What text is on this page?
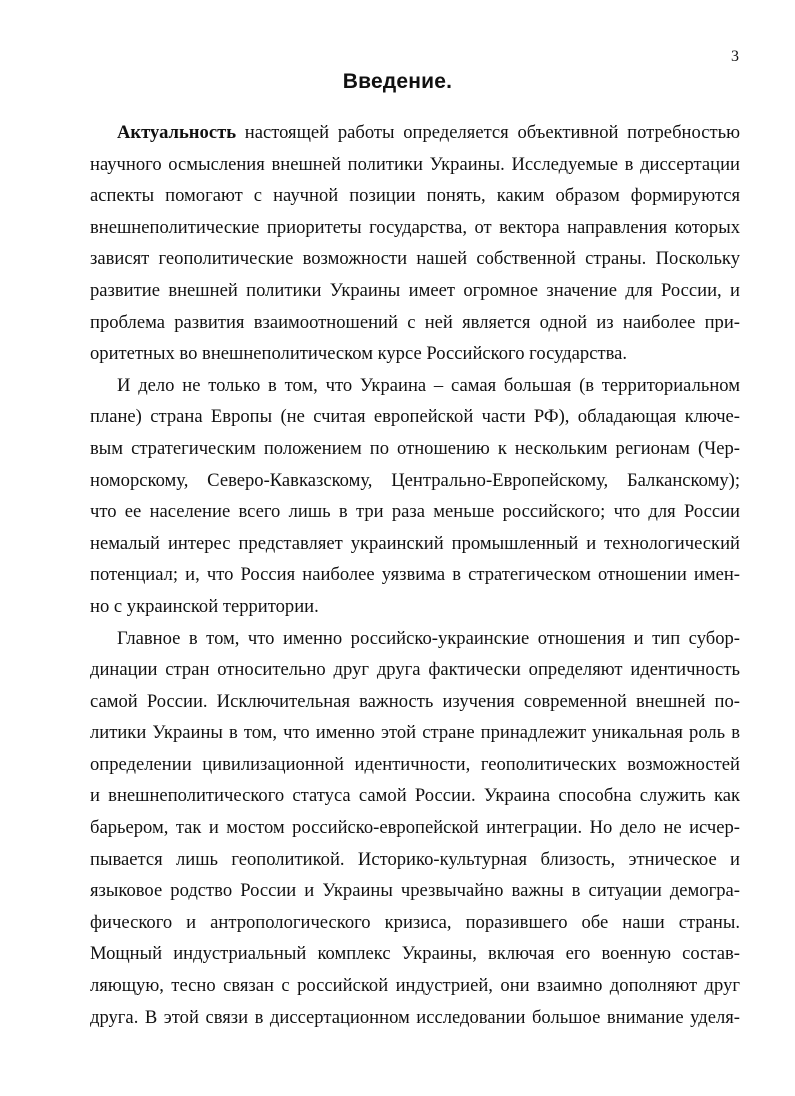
3
Введение.

Актуальность настоящей работы определяется объективной потребностью

научного осмысления внешней политики Украины. Исследуемые в диссертации

аспекты помогают с научной позиции понять, каким образом формируются

внешнеполитические приоритеты государства, от вектора направления которых

зависят геополитические возможности нашей собственной страны. Поскольку

развитие внешней политики Украины имеет огромное значение для России, и

проблема развития взаимоотношений с ней является одной из наиболее при-

оритетных во внешнеполитическом курсе Российского государства.

И дело не только в том, что Украина – самая большая (в территориальном

плане) страна Европы (не считая европейской части РФ), обладающая ключе-

вым стратегическим положением по отношению к нескольким регионам (Чер-

номорскому, Северо-Кавказскому, Центрально-Европейскому, Балканскому);

что ее население всего лишь в три раза меньше российского; что для России

немалый интерес представляет украинский промышленный и технологический

потенциал; и, что Россия наиболее уязвима в стратегическом отношении имен-

но с украинской территории.

Главное в том, что именно российско-украинские отношения и тип субор-

динации стран относительно друг друга фактически определяют идентичность

самой России. Исключительная важность изучения современной внешней по-

литики Украины в том, что именно этой стране принадлежит уникальная роль в

определении цивилизационной идентичности, геополитических возможностей

и внешнеполитического статуса самой России. Украина способна служить как

барьером, так и мостом российско-европейской интеграции. Но дело не исчер-

пывается лишь геополитикой. Историко-культурная близость, этническое и

языковое родство России и Украины чрезвычайно важны в ситуации демогра-

фического и антропологического кризиса, поразившего обе наши страны.

Мощный индустриальный комплекс Украины, включая его военную состав-

ляющую, тесно связан с российской индустрией, они взаимно дополняют друг

друга. В этой связи в диссертационном исследовании большое внимание уделя-
